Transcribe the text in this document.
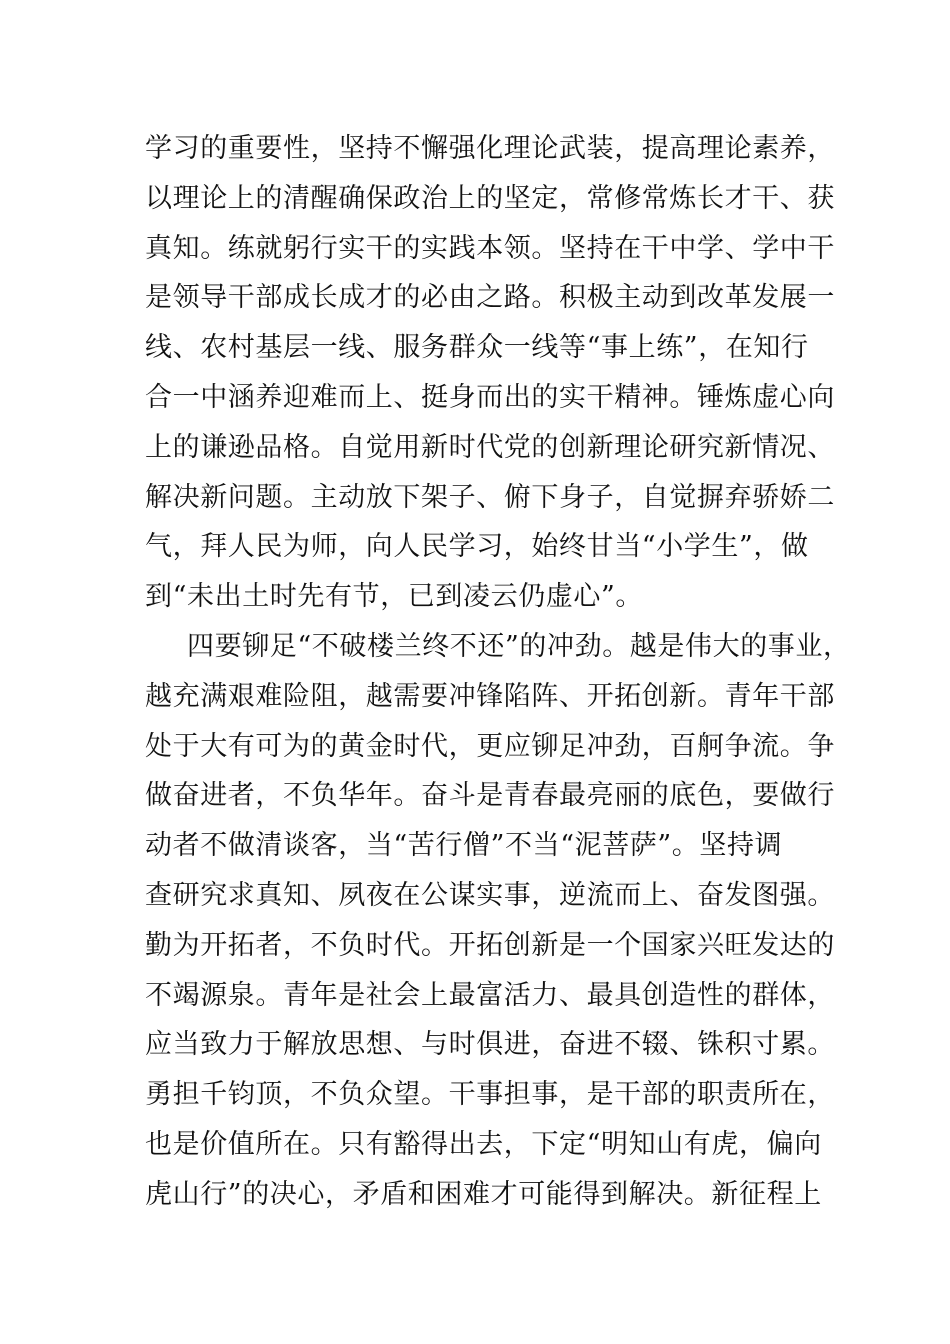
学习的重要性，坚持不懈强化理论武装，提高理论素养，
以理论上的清醒确保政治上的坚定，常修常炼长才干、获
真知。练就躬行实干的实践本领。坚持在干中学、学中干
是领导干部成长成才的必由之路。积极主动到改革发展一
线、农村基层一线、服务群众一线等“事上练”，在知行
合一中涵养迎难而上、挺身而出的实干精神。锤炼虚心向
上的谦逊品格。自觉用新时代党的创新理论研究新情况、
解决新问题。主动放下架子、俯下身子，自觉摒弃骄娇二
气，拜人民为师，向人民学习，始终甘当“小学生”，做
到“未出土时先有节，已到凌云仍虚心”。
四要铆足“不破楼兰终不还”的冲劲。越是伟大的事业，
越充满艰难险阻，越需要冲锋陷阵、开拓创新。青年干部
处于大有可为的黄金时代，更应铆足冲劲，百舸争流。争
做奋进者，不负华年。奋斗是青春最亮丽的底色，要做行
动者不做清谈客，当“苦行僧”不当“泥菩萨”。坚持调
查研究求真知、夙夜在公谋实事，逆流而上、奋发图强。
勤为开拓者，不负时代。开拓创新是一个国家兴旺发达的
不竭源泉。青年是社会上最富活力、最具创造性的群体，
应当致力于解放思想、与时俱进，奋进不辍、铢积寸累。
勇担千钧顶，不负众望。干事担事，是干部的职责所在，
也是价值所在。只有豁得出去，下定“明知山有虎，偏向
虎山行”的决心，矛盾和困难才可能得到解决。新征程上
